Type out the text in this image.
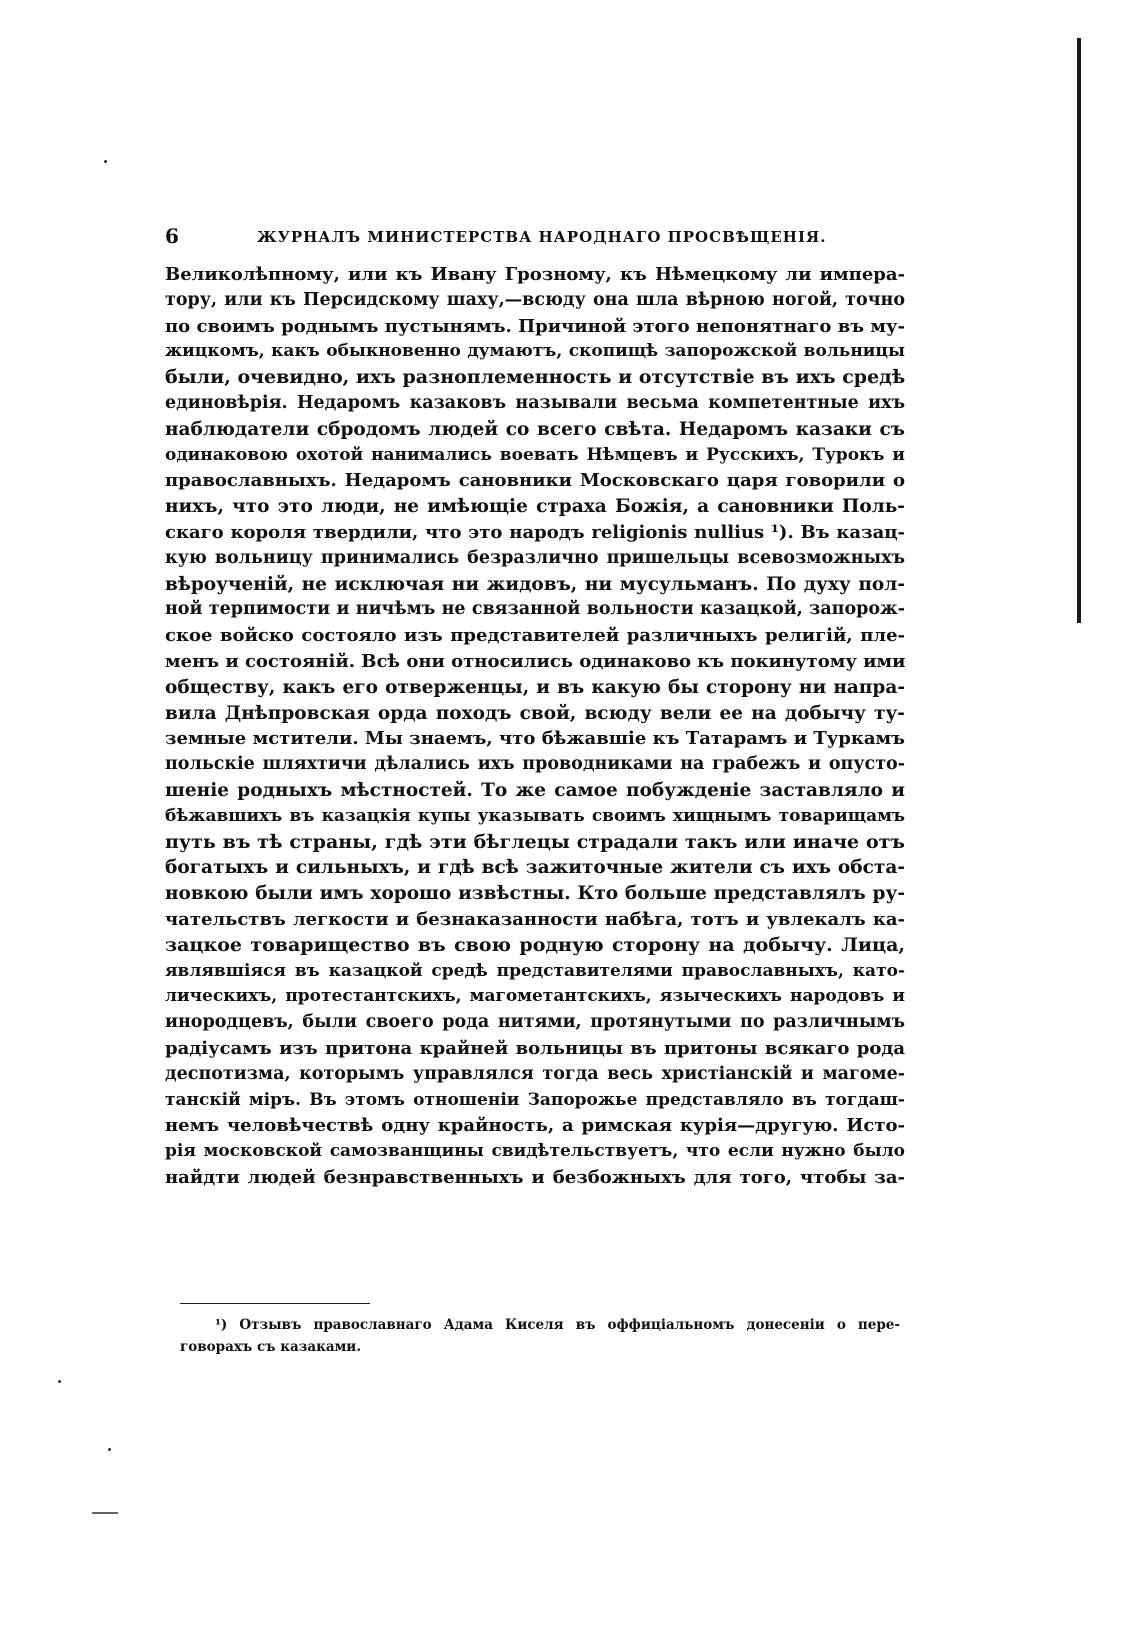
6	ЖУРНАЛЪ МИНИСТЕРСТВА НАРОДНАГО ПРОСВѢЩЕНІЯ.
Великолѣпному, или къ Ивану Грозному, къ Нѣмецкому ли импера-
тору, или къ Персидскому шаху,—всюду она шла вѣрною ногой, точно
по своимъ роднымъ пустынямъ. Причиной этого непонятнаго въ му-
жицкомъ, какъ обыкновенно думаютъ, скопищѣ запорожской вольницы
были, очевидно, ихъ разноплеменность и отсутствіе въ ихъ средѣ
единовѣрія. Недаромъ казаковъ называли весьма компетентные ихъ
наблюдатели сбродомъ людей со всего свѣта. Недаромъ казаки съ
одинаковою охотой нанимались воевать Нѣмцевъ и Русскихъ, Турокъ и
православныхъ. Недаромъ сановники Московскаго царя говорили о
нихъ, что это люди, не имѣющіе страха Божія, а сановники Поль-
скаго короля твердили, что это народъ religionis nullius ¹). Въ казац-
кую вольницу принимались безразлично пришельцы всевозможныхъ
вѣроученій, не исключая ни жидовъ, ни мусульманъ. По духу пол-
ной терпимости и ничѣмъ не связанной вольности казацкой, запорож-
ское войско состояло изъ представителей различныхъ религій, пле-
менъ и состояній. Всѣ они относились одинаково къ покинутому ими
обществу, какъ его отверженцы, и въ какую бы сторону ни напра-
вила Днѣпровская орда походъ свой, всюду вели ее на добычу ту-
земные мстители. Мы знаемъ, что бѣжавшіе къ Татарамъ и Туркамъ
польскіе шляхтичи дѣлались ихъ проводниками на грабежъ и опусто-
шеніе родныхъ мѣстностей. То же самое побужденіе заставляло и
бѣжавшихъ въ казацкія купы указывать своимъ хищнымъ товарищамъ
путь въ тѣ страны, гдѣ эти бѣглецы страдали такъ или иначе отъ
богатыхъ и сильныхъ, и гдѣ всѣ зажиточные жители съ ихъ обста-
новкою были имъ хорошо извѣстны. Кто больше представлялъ ру-
чательствъ легкости и безнаказанности набѣга, тотъ и увлекалъ ка-
зацкое товарищество въ свою родную сторону на добычу. Лица,
являвшіяся въ казацкой средѣ представителями православныхъ, като-
лическихъ, протестантскихъ, магометантскихъ, языческихъ народовъ и
инородцевъ, были своего рода нитями, протянутыми по различнымъ
радіусамъ изъ притона крайней вольницы въ притоны всякаго рода
деспотизма, которымъ управлялся тогда весь христіанскій и магоме-
танскій міръ. Въ этомъ отношеніи Запорожье представляло въ тогдаш-
немъ человѣчествѣ одну крайность, а римская курія—другую. Исто-
рія московской самозванщины свидѣтельствуетъ, что если нужно было
найдти людей безнравственныхъ и безбожныхъ для того, чтобы за-
¹) Отзывъ православнаго Адама Киселя въ оффиціальномъ донесеніи о пере-
говорахъ съ казаками.
